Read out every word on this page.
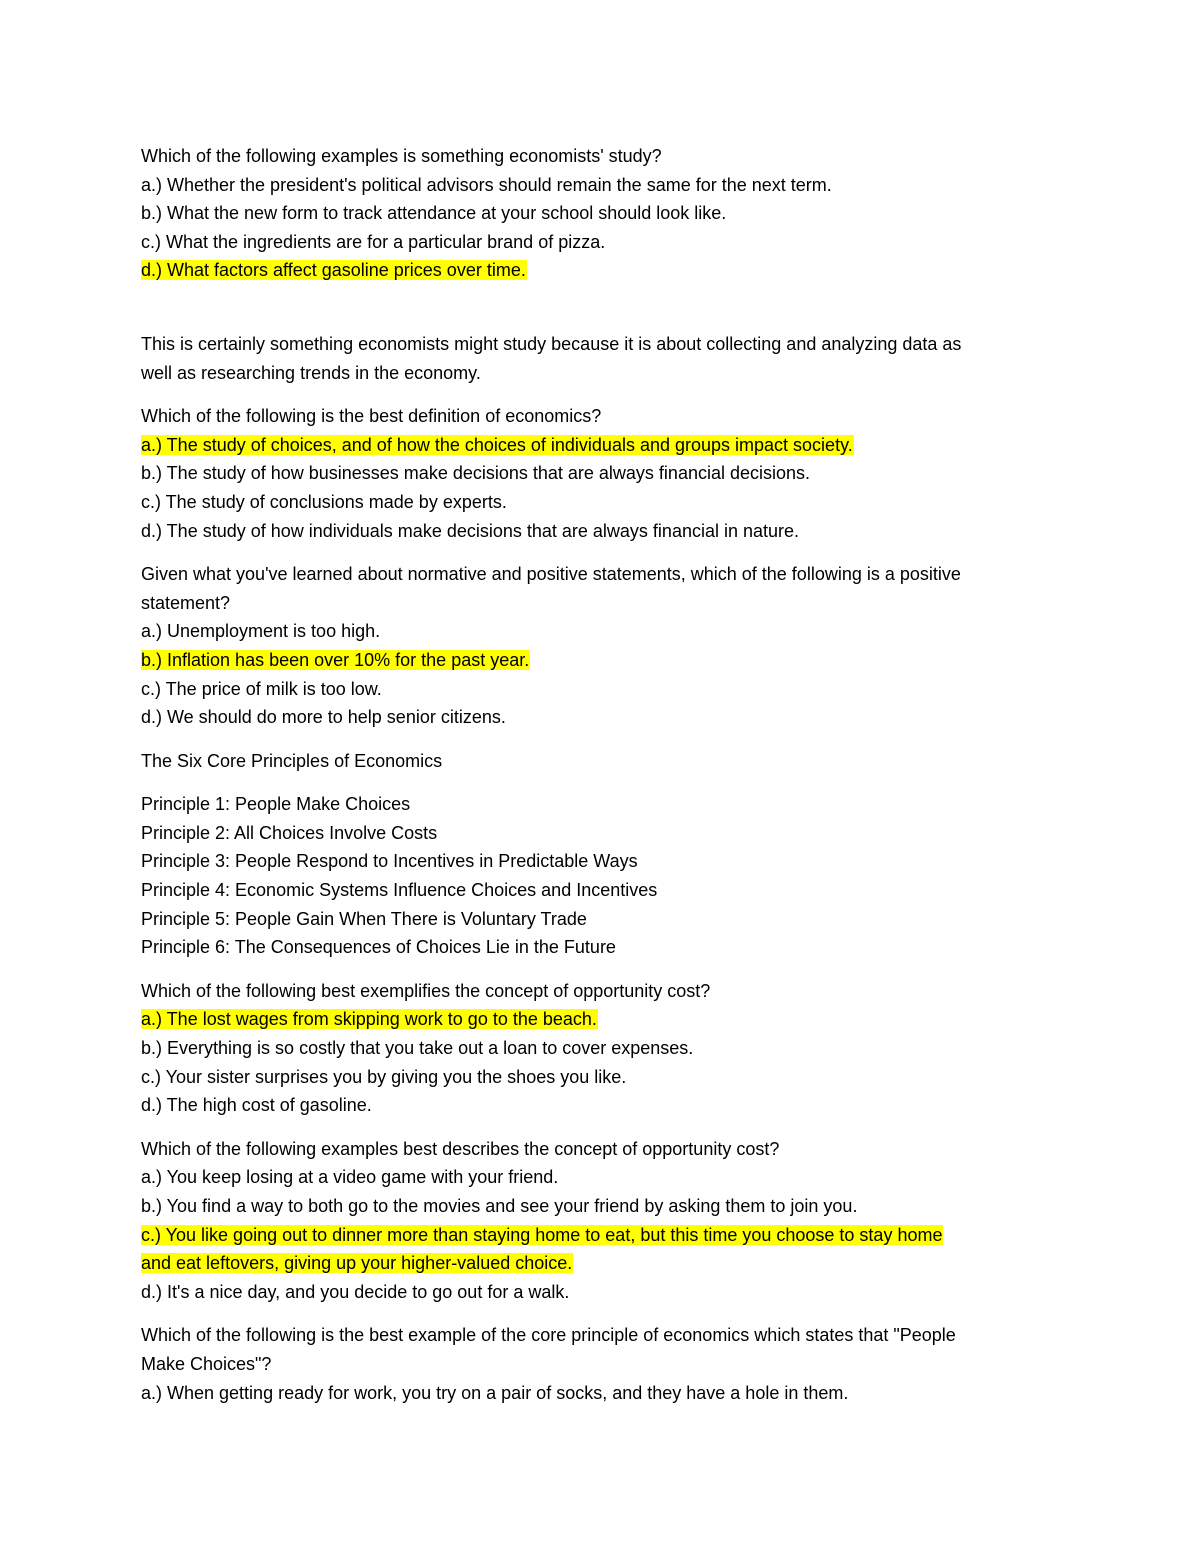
Which of the following examples is something economists' study?
a.) Whether the president's political advisors should remain the same for the next term.
b.) What the new form to track attendance at your school should look like.
c.) What the ingredients are for a particular brand of pizza.
d.) What factors affect gasoline prices over time.
This is certainly something economists might study because it is about collecting and analyzing data as
well as researching trends in the economy.
Which of the following is the best definition of economics?
a.) The study of choices, and of how the choices of individuals and groups impact society.
b.) The study of how businesses make decisions that are always financial decisions.
c.) The study of conclusions made by experts.
d.) The study of how individuals make decisions that are always financial in nature.
Given what you've learned about normative and positive statements, which of the following is a positive
statement?
a.) Unemployment is too high.
b.) Inflation has been over 10% for the past year.
c.) The price of milk is too low.
d.) We should do more to help senior citizens.
The Six Core Principles of Economics
Principle 1: People Make Choices
Principle 2: All Choices Involve Costs
Principle 3: People Respond to Incentives in Predictable Ways
Principle 4: Economic Systems Influence Choices and Incentives
Principle 5: People Gain When There is Voluntary Trade
Principle 6: The Consequences of Choices Lie in the Future
Which of the following best exemplifies the concept of opportunity cost?
a.) The lost wages from skipping work to go to the beach.
b.) Everything is so costly that you take out a loan to cover expenses.
c.) Your sister surprises you by giving you the shoes you like.
d.) The high cost of gasoline.
Which of the following examples best describes the concept of opportunity cost?
a.) You keep losing at a video game with your friend.
b.) You find a way to both go to the movies and see your friend by asking them to join you.
c.) You like going out to dinner more than staying home to eat, but this time you choose to stay home
and eat leftovers, giving up your higher-valued choice.
d.) It's a nice day, and you decide to go out for a walk.
Which of the following is the best example of the core principle of economics which states that "People
Make Choices"?
a.) When getting ready for work, you try on a pair of socks, and they have a hole in them.
